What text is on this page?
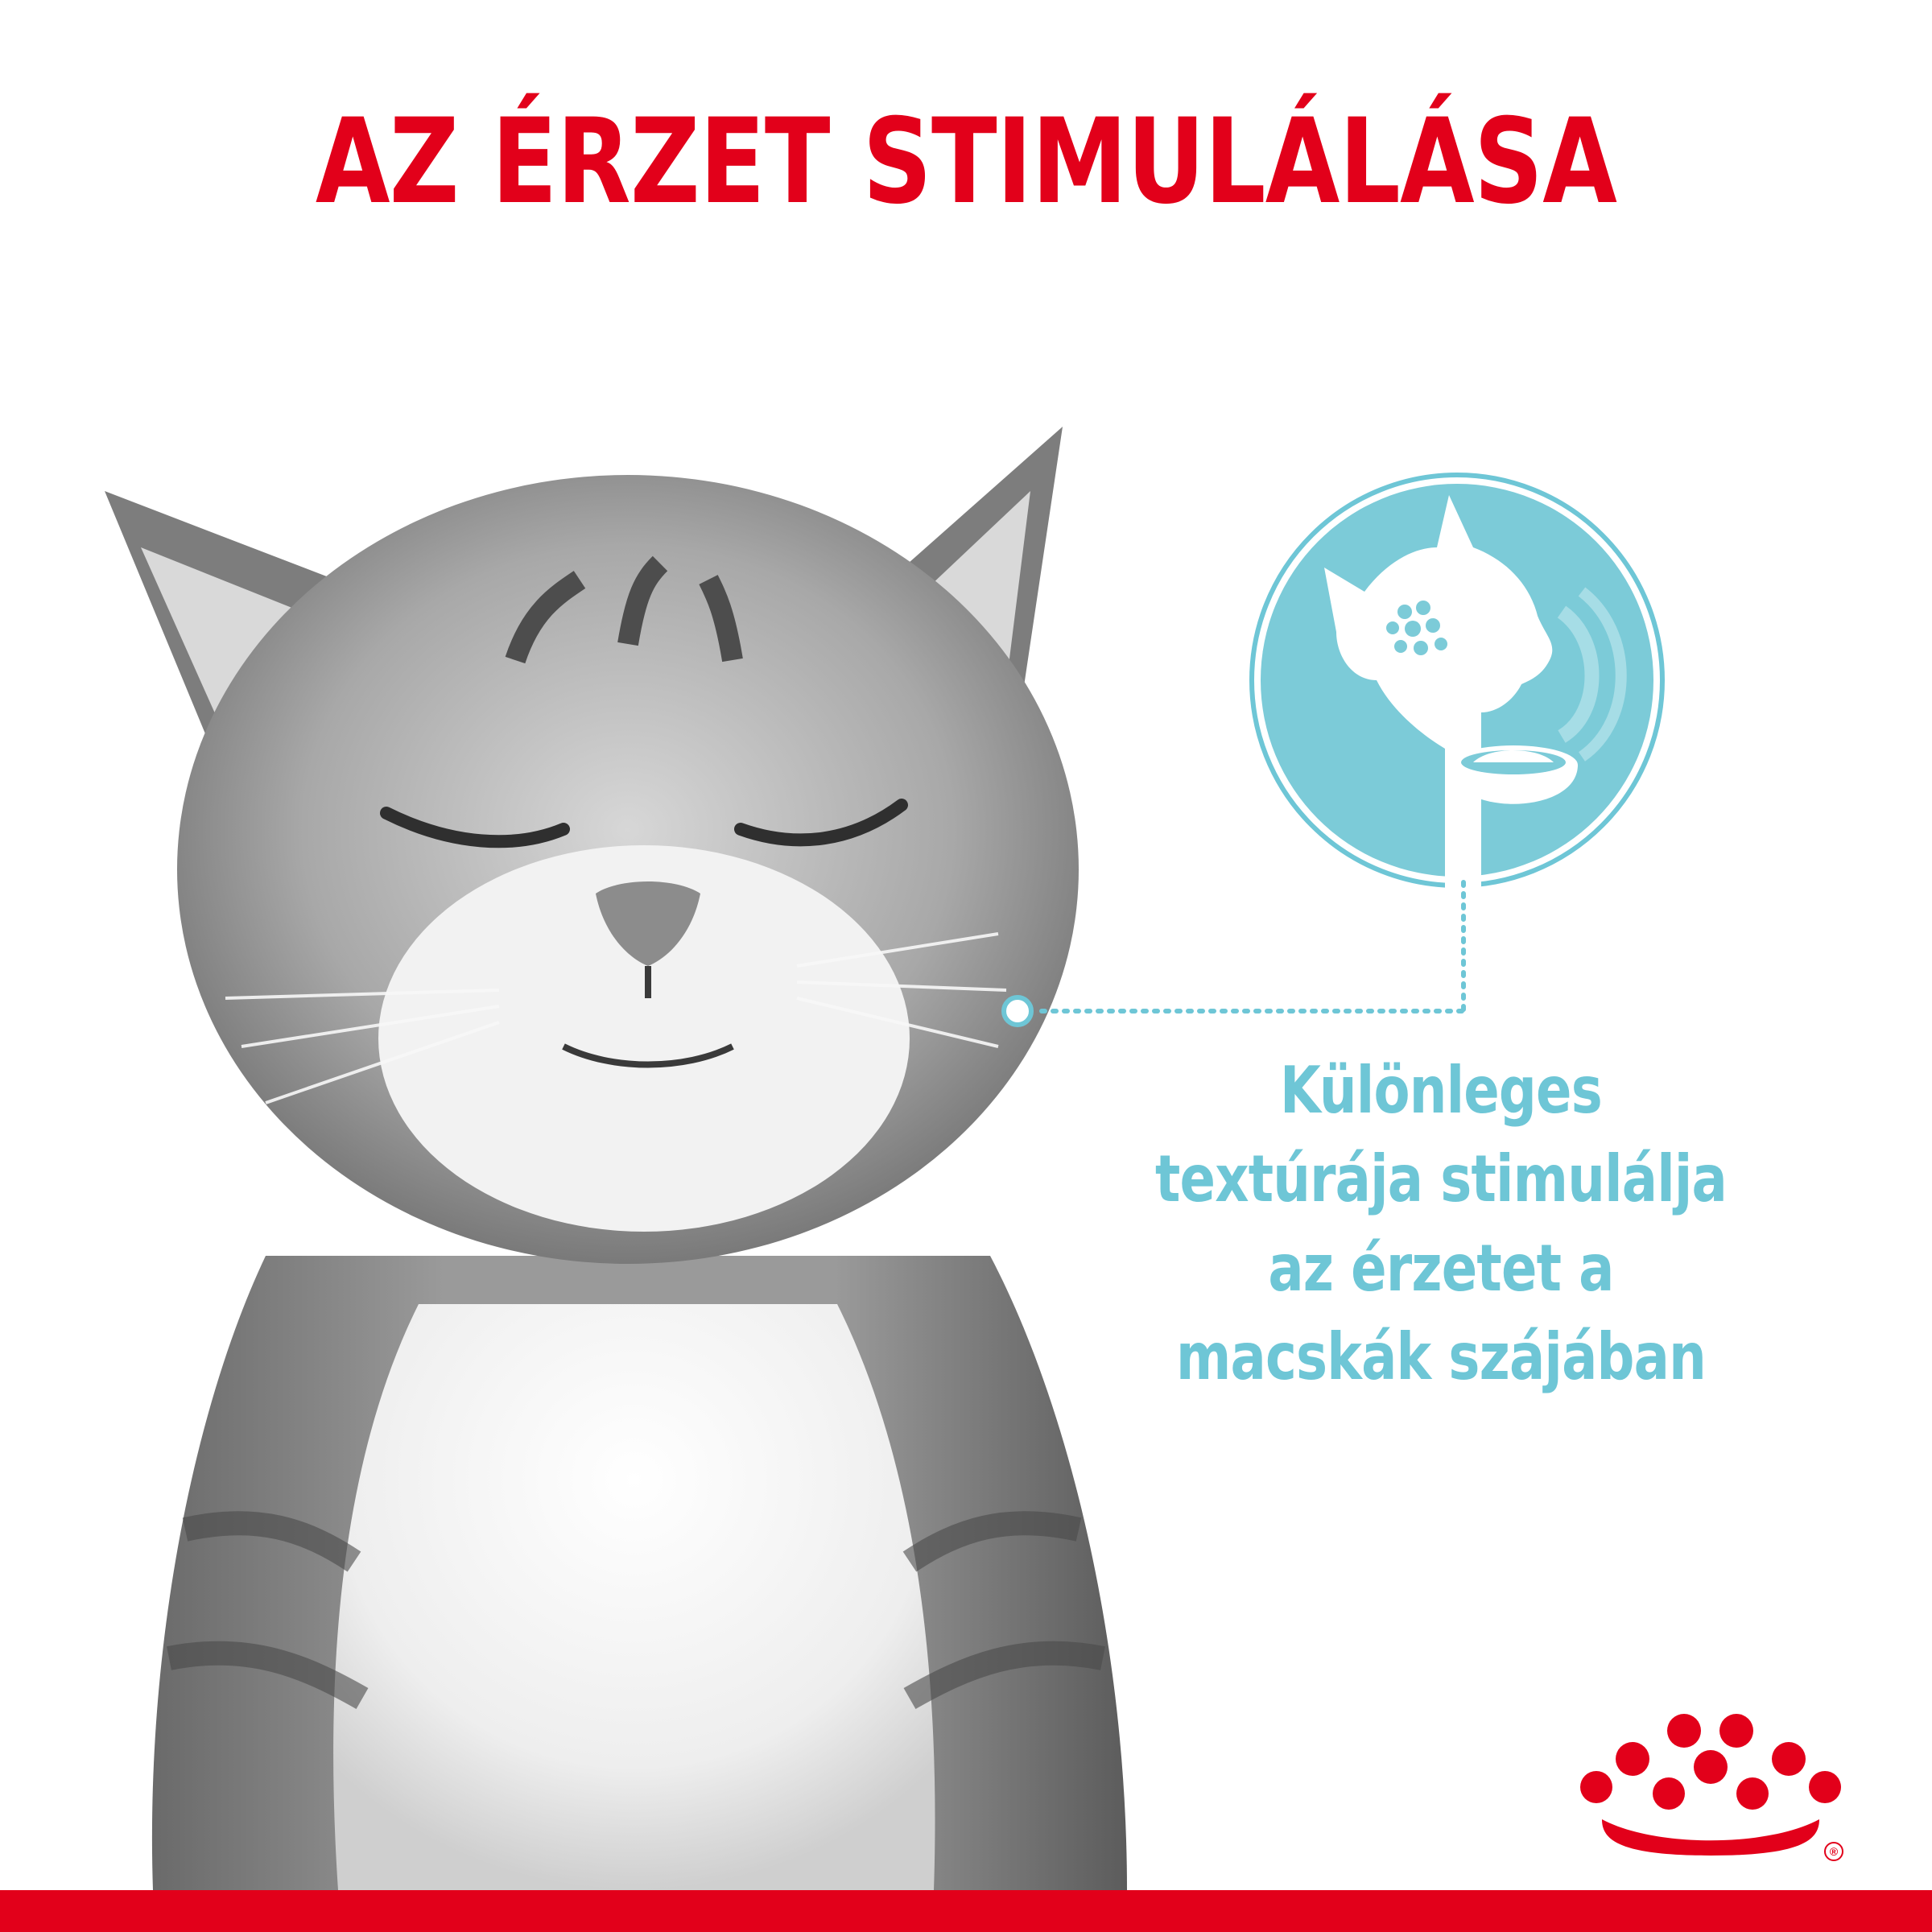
AZ ÉRZET STIMULÁLÁSA
Különleges
textúrája stimulálja
az érzetet a
macskák szájában
®
